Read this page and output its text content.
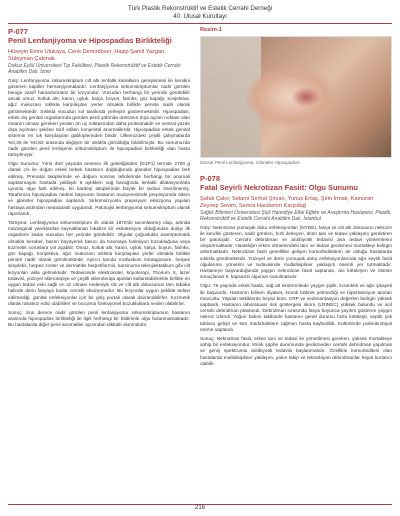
Türk Plastik Rekonstrüktif ve Estetik Cerrahi Derneği
40. Ulusal Kurultayı
P-077
Penil Lenfanjiyoma ve Hipospadias Birlikteliği
Hüseyin Emre Ulukaya, Cenk Demirdöver, Haşip Şamil Yazgan, Süleyman Çakmak
Dokuz Eylül Üniversitesi Tıp Fakültesi, Plastik Rekonstrüktif ve Estetik Cerrahi Anabilim Dalı, İzmir

Giriş: Lenfanjiyoma sirkumskriptum cilt altı lenfatik kanalların genişlemesi ile kendini gösteren kapiller hemanjiyomalardır. Lenfanjiyoma sirkumskriptumlar nadir görülen benign vasıfl hamartomatöz bir lezyondur. Vücudun herhangi bir yerinde görülebilir ancak omuz, koltuk altı, kanın, uyluk, kalça, boyun, farinks, göz kapağı, konjektiva, ağız mukozası sıklıkla karşılaşılan yerler olmakla birlikte penste nadir olarak görülmektedir. Sıklıkla vücudun sol tarafında yerleşim göstermektedir. Hipospadias, erkek dış genital organlarında görülen penil şaftında üretranın dışa açılım noktası olan meanın olması gereken yerden ön uç noktasından daha proksimalde ve ventral yüzde dışa açılması şekline tarif edilen konjenital anomalilerdir. Hipospadias erkek genital sistemin en sık karşılaşılan gabloplerinden biridir. Ülkemizdeki çeşitli çalışmalarda %0,39 ile %0,83 arasında değişen bir sıklıkla görüldüğü bildirilmiştir. Bu sunumuzda nadir görülen penil lenfojenin sirkumskriptum ile hipospadias birlikteliği olan hasta tartışılmıştır.

Olgu Sunumu: Yirmi dört yaşında annenin ilk gebeliğinden (G1P1) termde 2700 g olarak c/s ile doğan erkek bebek hastanın doğduğunda glanüler hipospadias fark edilmiş. Prenatal takiplerinde ve doğum sonrası telkilerinde herhangi bir anomali saptanmayan hastada yaklaşık 6 aylıkken sağ bacağında lenfatik dilatasyonlarla uyumlu olgu fark edilmiş. İki kardeşi takiplerinde büyük bir tedavi önerilmemiş. Tarafımıza hipospadias nedeni başvuran hastanın muayenesinde prepisyumda ödem ve glanüler hipospadias saptandı. Sirkümsizyonla prepisyum eksizyonu yapılan hastaya ardından meatoplasti uygulandı. Patolojisi lenfanjiyoma sirkumskriptum olarak raporlandı.

Tartışma: Lenfanjiyoma sirkumskriptum ilk olarak 1878'de tanımlanmış olup, adında mazanginal yanıklardan kaynaklanan lokalize bir ekleatesyon olduğundan dolayı ilk organlerin kadar vücudun her yerinde görülebilir. Olgular çoğunlukla asemptomatik olmakla beraber, bazen büyüyerek basıcı da travmaya fonksiyon bozukluğuna veya kozmetik sorunlara yol açabilir. Omuz, koltuk altı, kanın, uyluk, kalça, boyun, farinks, göz kapağı, konjektiva, ağız mukozası sıklıkla karşılaşılan yerler olmakla birlikte penste nadir olarak görülmektedir. Ayırıcı tanıda molluskum kontagiosum, herpes simpleks, herpes zoster ve dermatitis herpetiformis, karsinoma telenjiektatikum gibi cilt lezyonları akla gelmektedir. Tedavisinde elektrokoter, kriyoterapi, Thorium X, lazer tedavisi, yüzeyel sklerotepiye ve çeşitli skleroterapi ajanları kullanılabilmekle birlikte en uygun tedavi eski sağlı en az olması nedeniyle cilt ve cilt altı dokusunun tam tabaka halinde derin fasyaya kadar cerrahi eksizyonudur. Bu lezyonlar uygun şekilde tedavi edilmediği, günlük enfeksiyonlar için bir giriş portalı olarak davranabilirler. Kozmetik olarak rahatsız edici olabilirler ve bozulma fonksiyonel bozukluklara neden olabilirler.

Sonuç: Son derece nadir görülen penil lenfanjiyoma sirkumskriptumun hastanın arasında hipospadias birlikteliği ile ilgili herhangi bir bildirimle olgu bulunmamaktadır. Bu hastalarda diğer penil anomaliler açısından dikkatli olunmalıdır.

Resim-1
Dorsal Penil Lenfanjiyoma, Glanüler Hipospadias
P-078
Fatal Seyirli Nekrotizan Fasiit: Olgu Sunumu
Şafak Çakır, Selami Serhat Şirvan, Yunus Ertaş, Şirin İrmak, Kamuran Zeynep Sevim, Semra Hacıkerim Karşıdağ
Sağlık Bilimleri Üniversitesi Şişli Hamidiye Etfal Eğitim ve Araştırma Hastanesi, Plastik, Rekonstrüktif ve Estetik Cerrahi Anabilim Dalı, İstanbul

Giriş: Nekrotizan yumuşak doku enfeksiyonları (NYDE), fasya ve cilt altı dokusunu nekroze ile kendini gösteren, nadir görülen, hızlı ilerleyen, ölüm tanı ve tedavi yaklaşımı gerektiren bir patolojidir. Cerrahi debridman ve antibiyotik tedavisi ana tedavi yöntemlerini oluşturmaktadır. Hastalığın erken dönemindeki tanı ve tedavi gecikmesi mortaliteyi belirgin arttırmaktadır. Nekrotizan fasiit genellikle gelişen komorbiditelerin de olduğu hastalarda sıklıkla görülmektedir. Yüzeyel ve derin yumuşak doku enfeksiyonlarında ağır seyirli fasiit olgularının yönetimi ve tedavisinde multidisipliner yaklaşım önemli yer tutmaktadır. Hastaneye başvurduğunda yaygın nekrotizan fasiit saptanan, ani kötüleşen ve ölümle sonuçlanan 6. kapsamlı olgunun sunulmasıdır.

Olgu: 76 yaşında erkek hasta, sağ alt ekstremitede yaygın şişlik, kızarıklık ve ağrı şikayeti ile başvurdu. Hastanın bilinen diyabet, kronik böbrek yetmezliği ve hipertansiyon tanıları mevcuttu. Yapılan tetkiklerde beyaz küre, CRP ve sedimantasyon değerleri belirgin yüksek saptandı. Hastanın laboratuvar risk göstergesi skoru (LRINEC) yüksek bulundu ve acil cerrahi debridman planlandı. Debridman sırasında fasya boyunca yayılım gösteren yaygın nekroz izlendi. Yoğun bakım takibinde hastanın genel durumu hızla kötüleşti, septik şok tablosu gelişti ve tüm müdahalelere rağmen hasta kaybedildi. Kültürlerde polimikrobiyal üreme saptandı.

Sonuç: Nekrotizan fasiit, erken tanı ve tedavi ile yönetilmesi gereken, yüksek mortaliteye sahip bir enfeksiyondur. Klinik şüphe durumunda gecikmeden cerrahi debridman yapılmalı ve geniş spektrumlu antibiyotik tedavisi başlanmalıdır. Özellikle komorbiditesi olan hastalarda multidisipliner yaklaşım, yakın takip ve tekrarlayan debridmanlar hayat kurtarıcı olabilir.

216
